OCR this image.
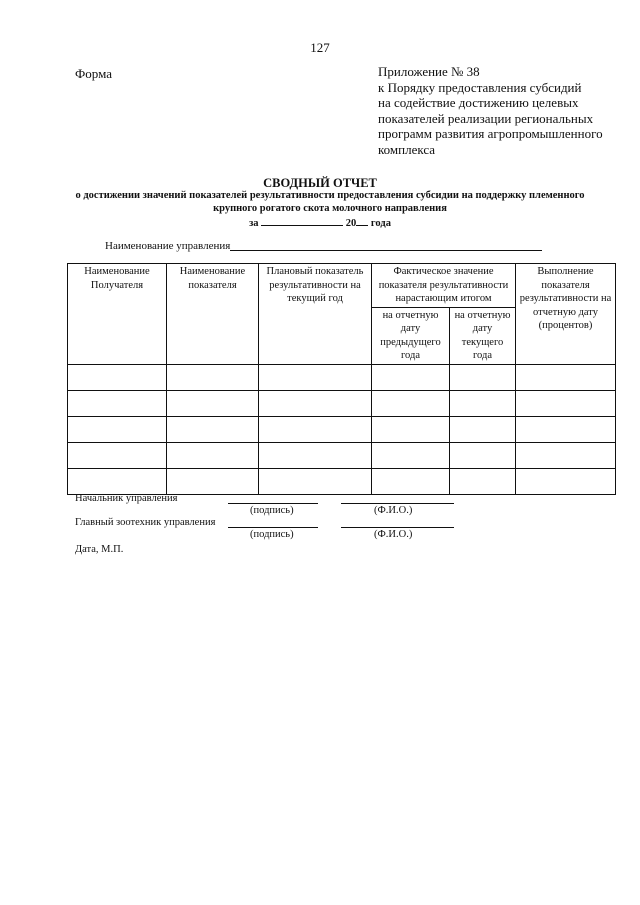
127
Форма	Приложение № 38
к Порядку предоставления субсидий
на содействие достижению целевых
показателей реализации региональных
программ развития агропромышленного
комплекса
СВОДНЫЙ ОТЧЕТ
о достижении значений показателей результативности предоставления субсидии на поддержку племенного крупного рогатого скота молочного направления
за	20 года
Наименование управления
Наименование Получателя	Наименование показателя	Плановый показатель результативности на текущий год	Фактическое значение показателя результативности нарастающим итогом		Выполнение показателя результативности на отчетную дату (процентов)
			на отчетную дату предыдущего года	на отчетную дату текущего года	

Начальник управления
(подпись)	(Ф.И.О.)
Главный зоотехник управления
(подпись)	(Ф.И.О.)
Дата, М.П.
